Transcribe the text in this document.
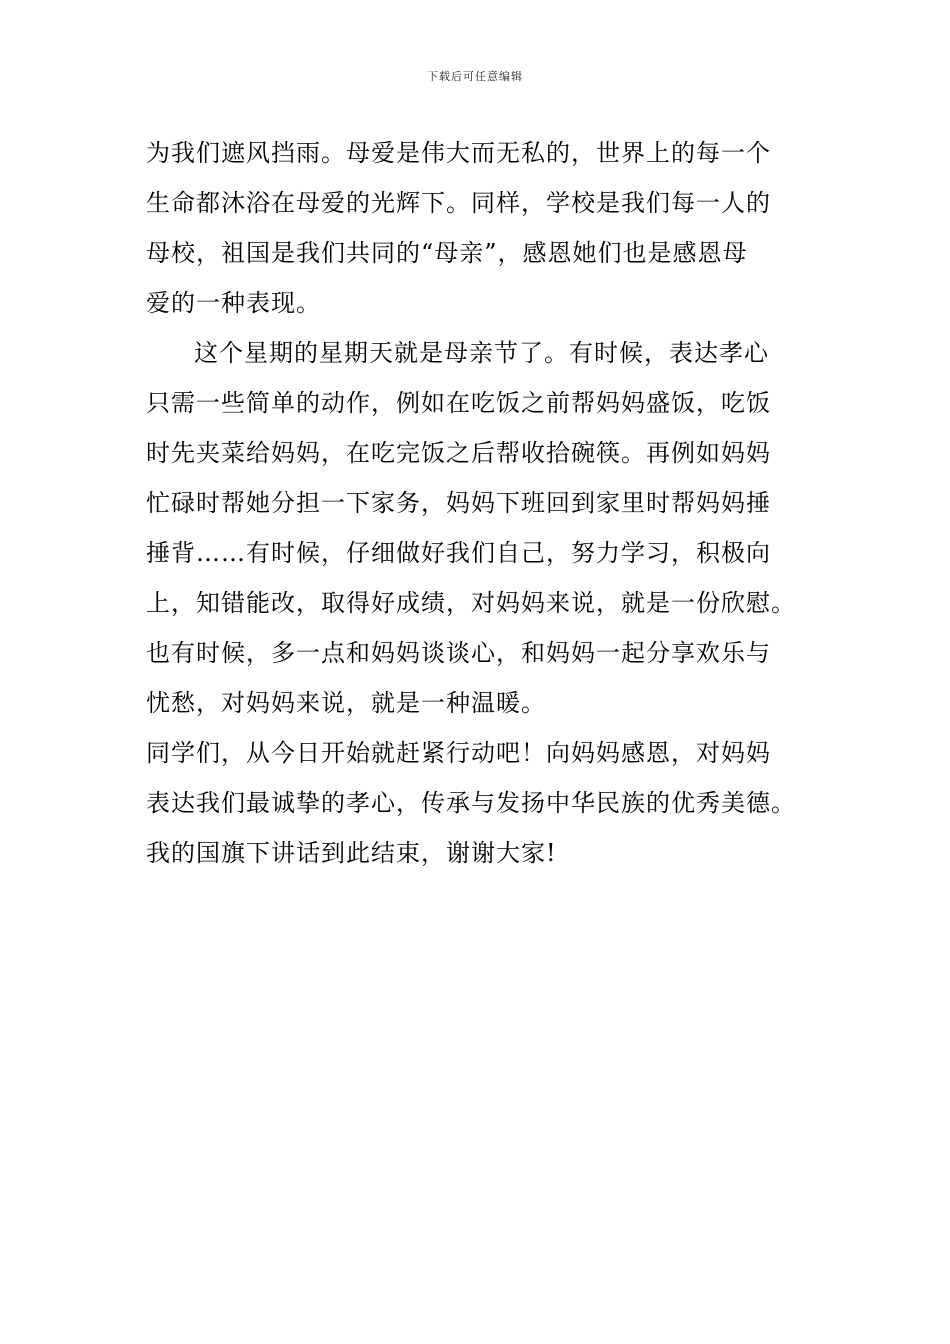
下载后可任意编辑
为我们遮风挡雨。母爱是伟大而无私的，世界上的每一个
生命都沐浴在母爱的光辉下。同样，学校是我们每一人的
母校，祖国是我们共同的“母亲”，感恩她们也是感恩母
爱的一种表现。
这个星期的星期天就是母亲节了。有时候，表达孝心
只需一些简单的动作，例如在吃饭之前帮妈妈盛饭，吃饭
时先夹菜给妈妈，在吃完饭之后帮收拾碗筷。再例如妈妈
忙碌时帮她分担一下家务，妈妈下班回到家里时帮妈妈捶
捶背……有时候，仔细做好我们自己，努力学习，积极向
上，知错能改，取得好成绩，对妈妈来说，就是一份欣慰。
也有时候，多一点和妈妈谈谈心，和妈妈一起分享欢乐与
忧愁，对妈妈来说，就是一种温暖。
同学们，从今日开始就赶紧行动吧！向妈妈感恩，对妈妈
表达我们最诚挚的孝心，传承与发扬中华民族的优秀美德。
我的国旗下讲话到此结束，谢谢大家!
